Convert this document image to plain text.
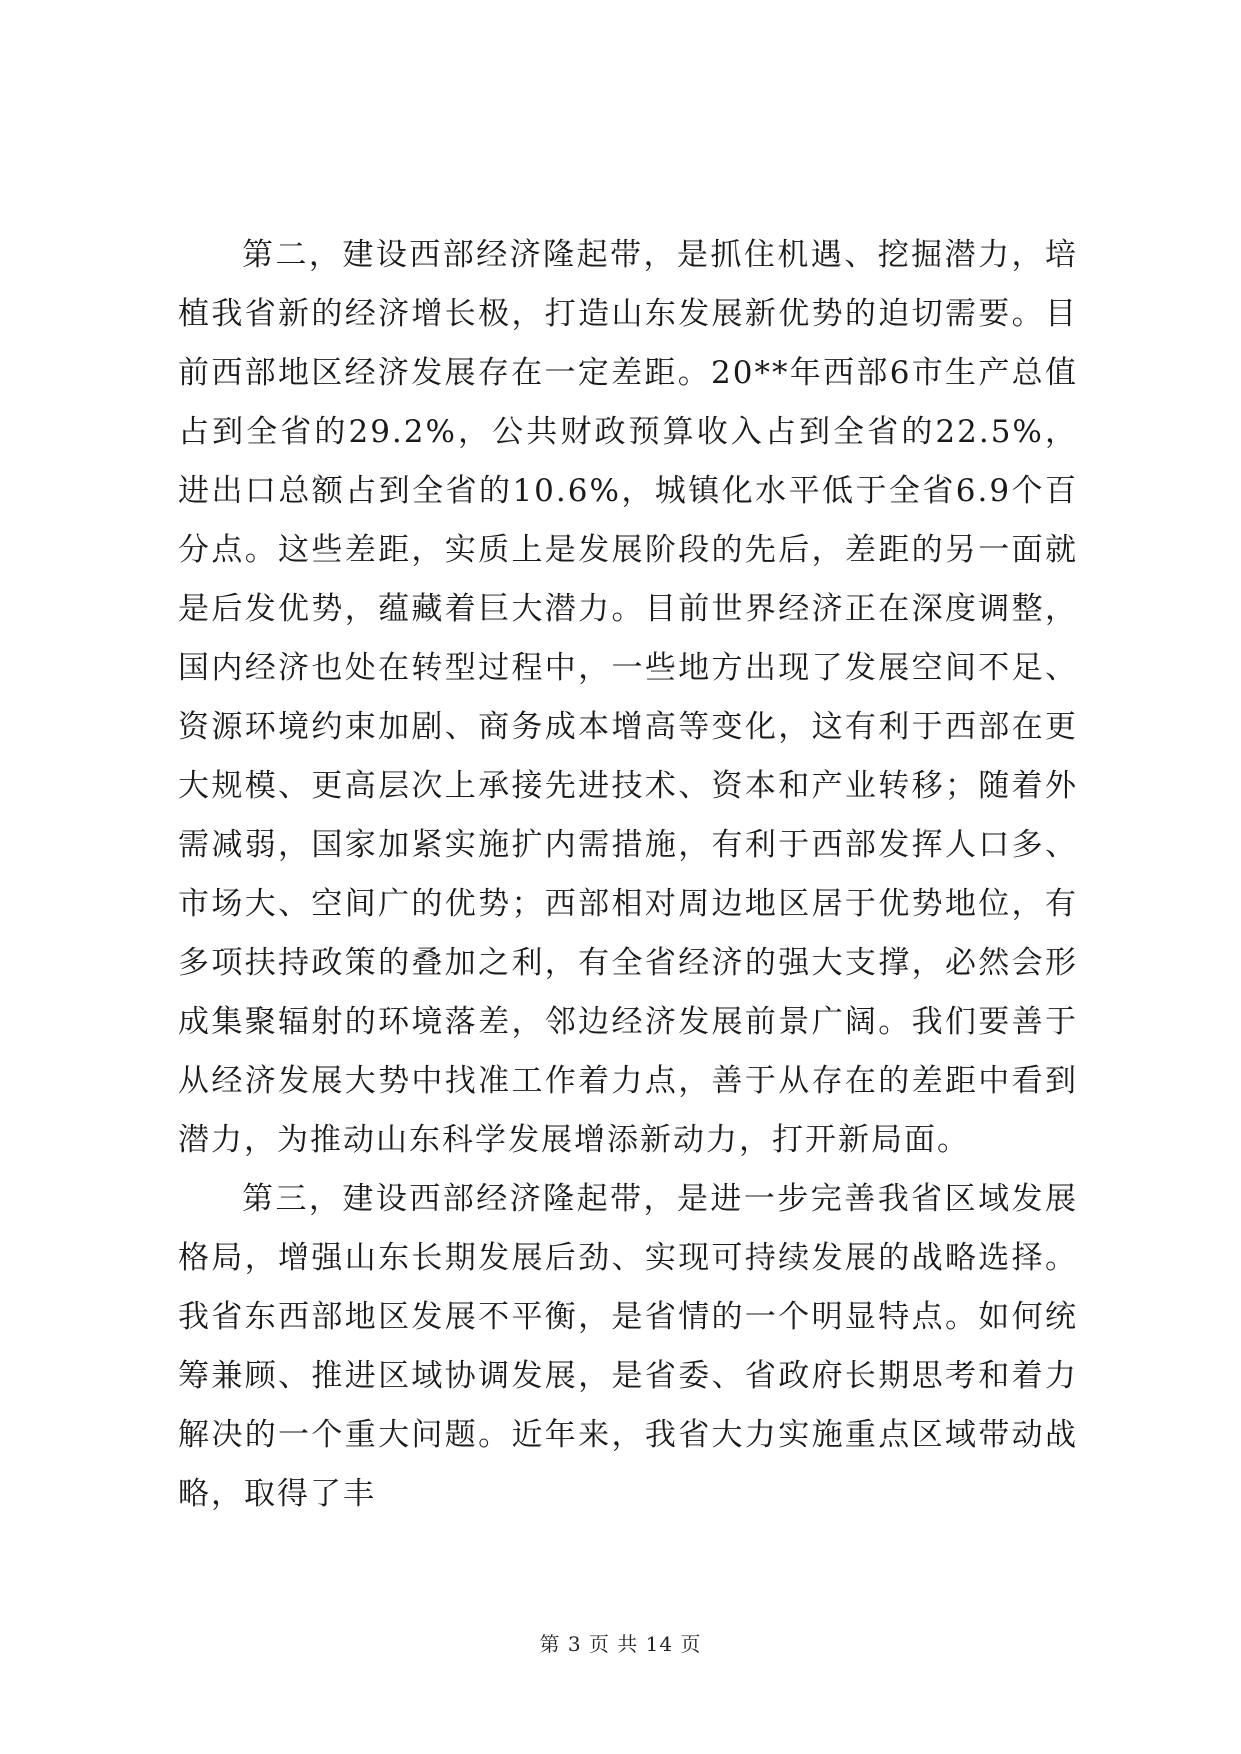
第二，建设西部经济隆起带，是抓住机遇、挖掘潜力，培植我省新的经济增长极，打造山东发展新优势的迫切需要。目前西部地区经济发展存在一定差距。20**年西部6市生产总值占到全省的29.2%，公共财政预算收入占到全省的22.5%，进出口总额占到全省的10.6%，城镇化水平低于全省6.9个百分点。这些差距，实质上是发展阶段的先后，差距的另一面就是后发优势，蕴藏着巨大潜力。目前世界经济正在深度调整，国内经济也处在转型过程中，一些地方出现了发展空间不足、资源环境约束加剧、商务成本增高等变化，这有利于西部在更大规模、更高层次上承接先进技术、资本和产业转移；随着外需减弱，国家加紧实施扩内需措施，有利于西部发挥人口多、市场大、空间广的优势；西部相对周边地区居于优势地位，有多项扶持政策的叠加之利，有全省经济的强大支撑，必然会形成集聚辐射的环境落差，邻边经济发展前景广阔。我们要善于从经济发展大势中找准工作着力点，善于从存在的差距中看到潜力，为推动山东科学发展增添新动力，打开新局面。

第三，建设西部经济隆起带，是进一步完善我省区域发展格局，增强山东长期发展后劲、实现可持续发展的战略选择。我省东西部地区发展不平衡，是省情的一个明显特点。如何统筹兼顾、推进区域协调发展，是省委、省政府长期思考和着力解决的一个重大问题。近年来，我省大力实施重点区域带动战略，取得了丰

第 3 页 共 14 页
